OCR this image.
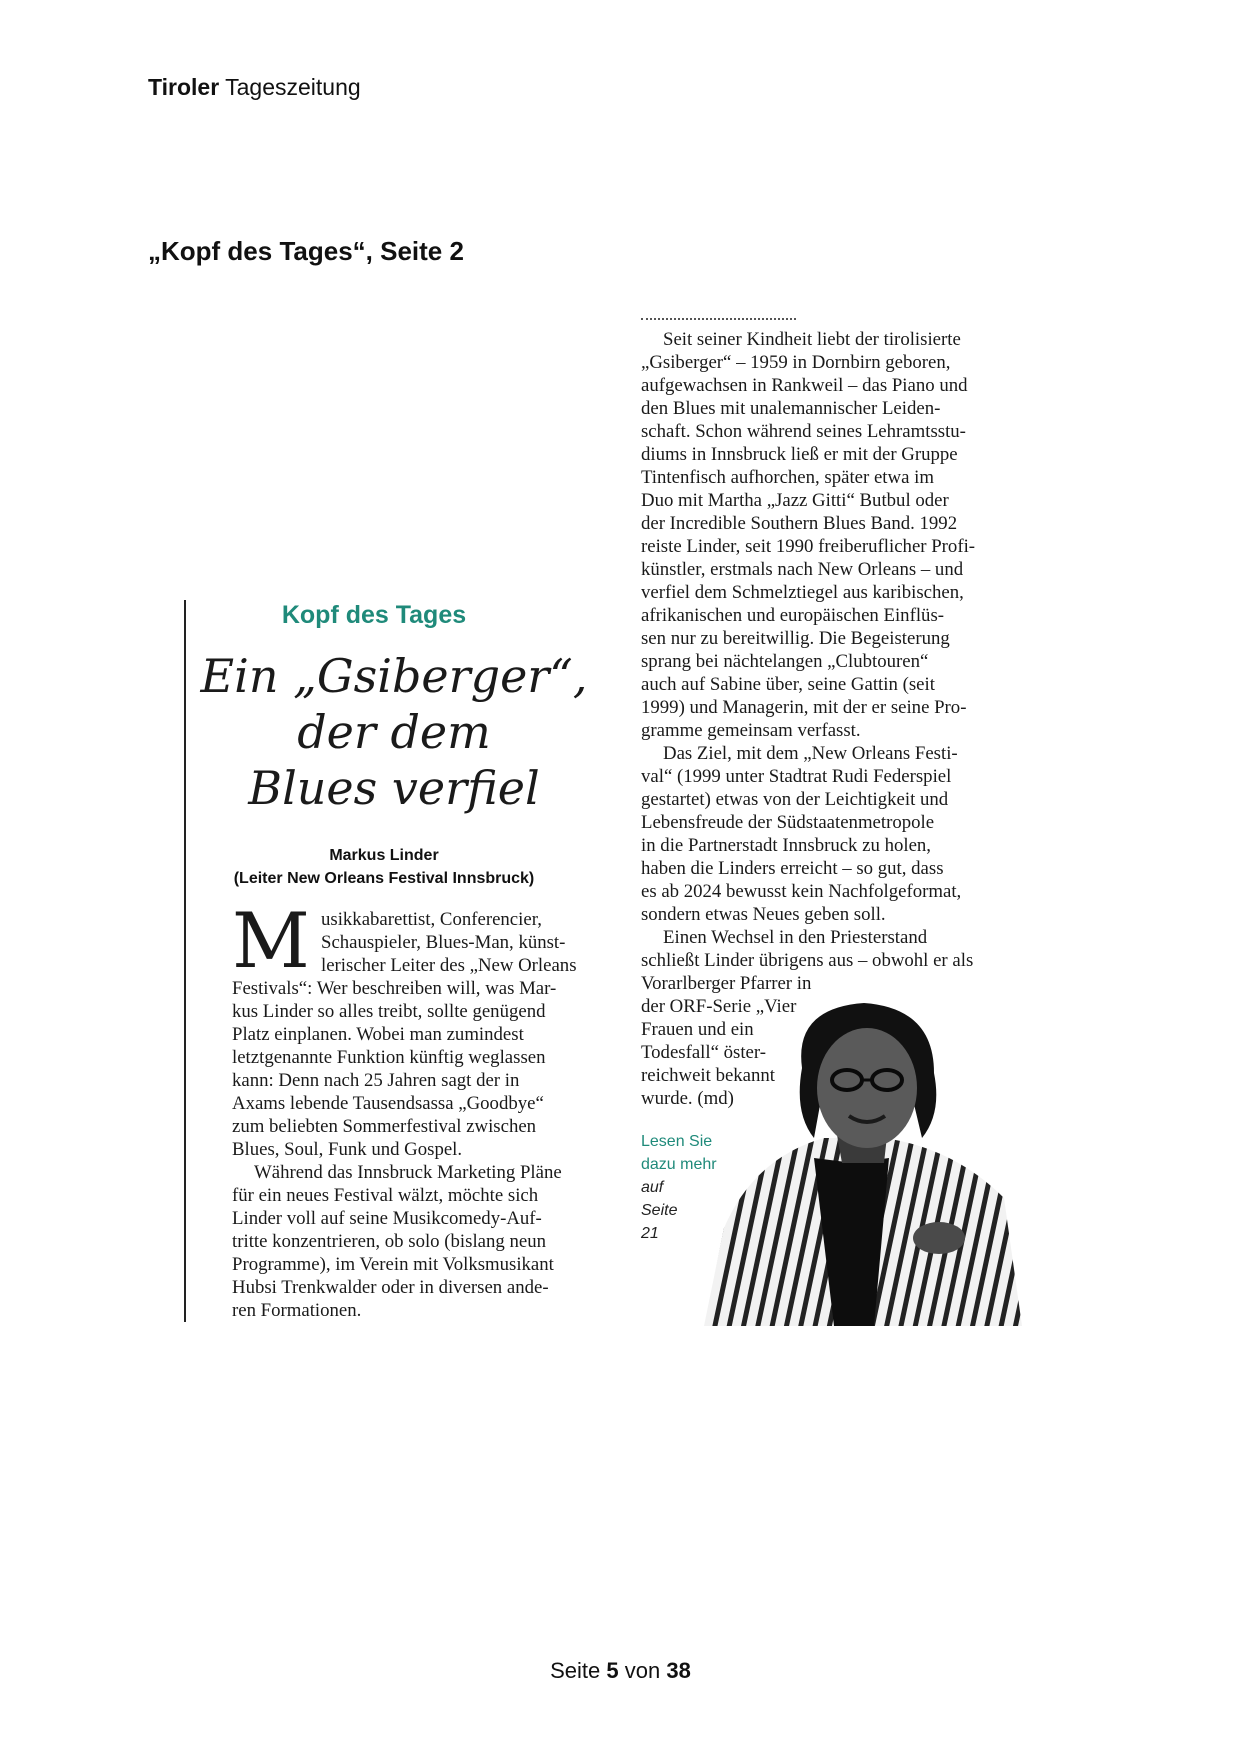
Tiroler Tageszeitung
„Kopf des Tages“, Seite 2
Kopf des Tages
Ein „Gsiberger“,
der dem
Blues verfiel
Markus Linder
(Leiter New Orleans Festival Innsbruck)
M usikkabarettist, Conferencier,
Schauspieler, Blues-Man, künst-
lerischer Leiter des „New Orleans
Festivals“: Wer beschreiben will, was Mar-
kus Linder so alles treibt, sollte genügend
Platz einplanen. Wobei man zumindest
letztgenannte Funktion künftig weglassen
kann: Denn nach 25 Jahren sagt der in
Axams lebende Tausendsassa „Goodbye“
zum beliebten Sommerfestival zwischen
Blues, Soul, Funk und Gospel.
Während das Innsbruck Marketing Pläne
für ein neues Festival wälzt, möchte sich
Linder voll auf seine Musikcomedy-Auf-
tritte konzentrieren, ob solo (bislang neun
Programme), im Verein mit Volksmusikant
Hubsi Trenkwalder oder in diversen ande-
ren Formationen.
Seit seiner Kindheit liebt der tirolisierte
„Gsiberger“ – 1959 in Dornbirn geboren,
aufgewachsen in Rankweil – das Piano und
den Blues mit unalemannischer Leiden-
schaft. Schon während seines Lehramtsstu-
diums in Innsbruck ließ er mit der Gruppe
Tintenfisch aufhorchen, später etwa im
Duo mit Martha „Jazz Gitti“ Butbul oder
der Incredible Southern Blues Band. 1992
reiste Linder, seit 1990 freiberuflicher Profi-
künstler, erstmals nach New Orleans – und
verfiel dem Schmelztiegel aus karibischen,
afrikanischen und europäischen Einflüs-
sen nur zu bereitwillig. Die Begeisterung
sprang bei nächtelangen „Clubtouren“
auch auf Sabine über, seine Gattin (seit
1999) und Managerin, mit der er seine Pro-
gramme gemeinsam verfasst.
Das Ziel, mit dem „New Orleans Festi-
val“ (1999 unter Stadtrat Rudi Federspiel
gestartet) etwas von der Leichtigkeit und
Lebensfreude der Südstaatenmetropole
in die Partnerstadt Innsbruck zu holen,
haben die Linders erreicht – so gut, dass
es ab 2024 bewusst kein Nachfolgeformat,
sondern etwas Neues geben soll.
Einen Wechsel in den Priesterstand
schließt Linder übrigens aus – obwohl er als
Vorarlberger Pfarrer in
der ORF-Serie „Vier
Frauen und ein
Todesfall“ öster-
reichweit bekannt
wurde. (md)
Lesen Sie
dazu mehr
auf
Seite
21
Seite 5 von 38
